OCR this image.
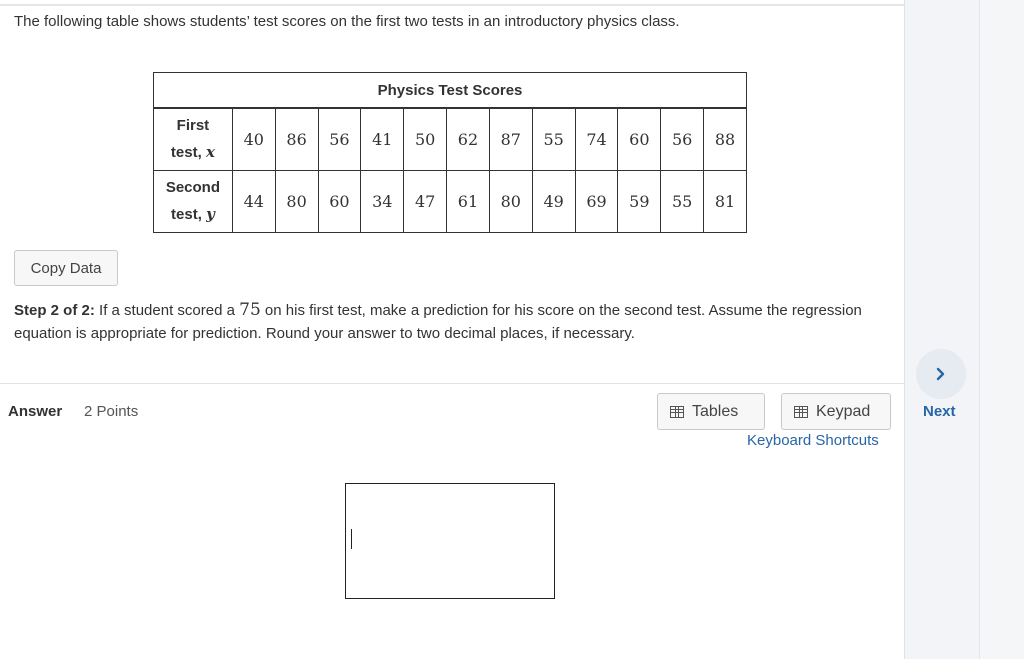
The following table shows students’ test scores on the first two tests in an introductory physics class.
Physics Test Scores												
First
test, x	40	86	56	41	50	62	87	55	74	60	56	88
Second
test, y	44	80	60	34	47	61	80	49	69	59	55	81
Copy Data
Step 2 of 2: If a student scored a 75 on his first test, make a prediction for his score on the second test. Assume the regression equation is appropriate for prediction. Round your answer to two decimal places, if necessary.
Answer 2 Points	Tables	Keypad
Keyboard Shortcuts
Next
